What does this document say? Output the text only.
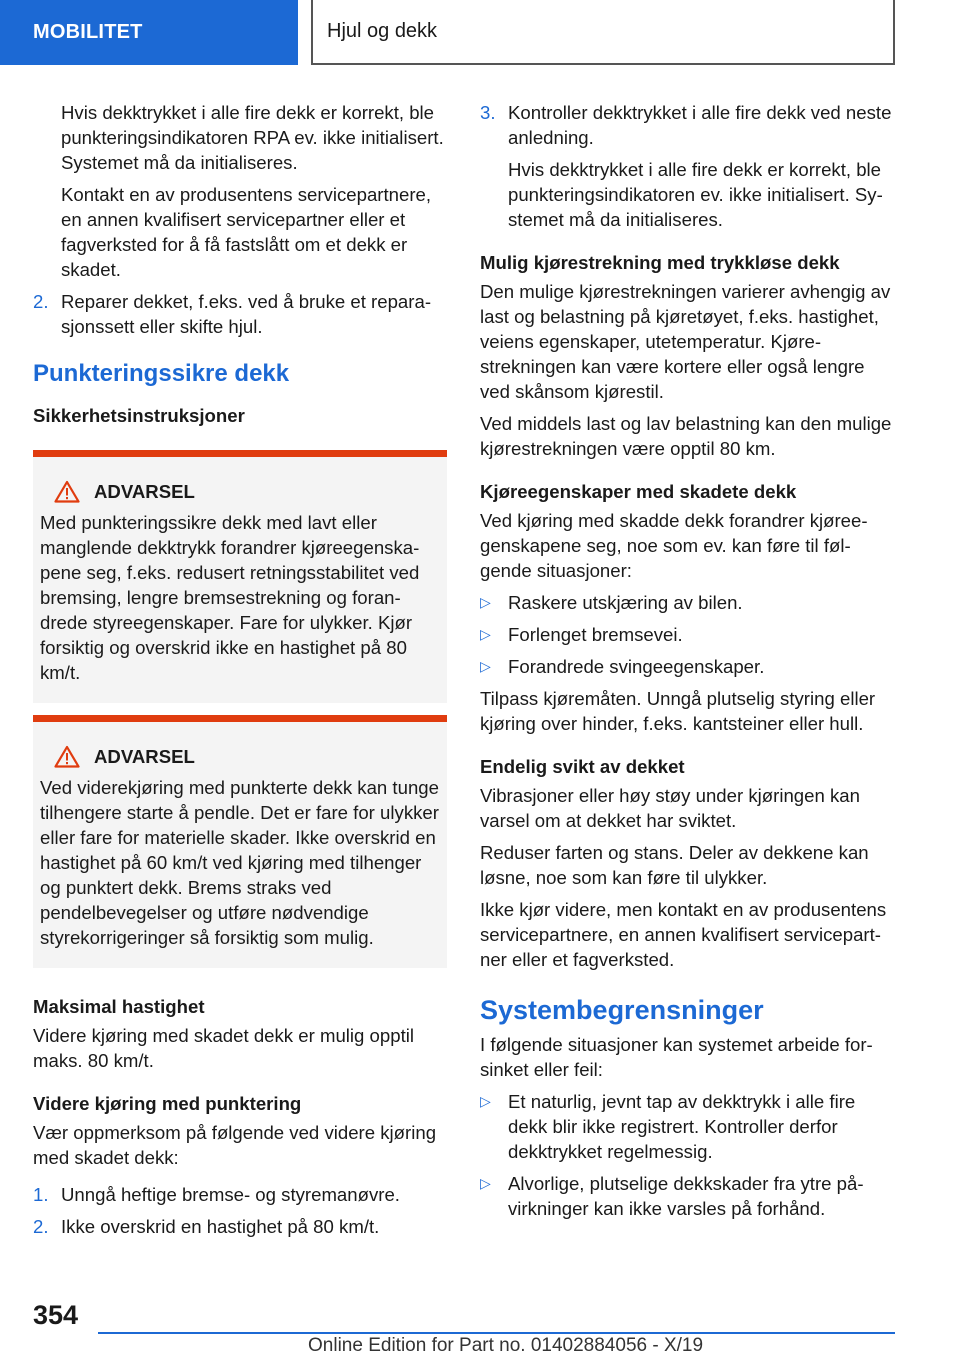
MOBILITET	Hjul og dekk

Hvis dekktrykket i alle fire dekk er korrekt, ble punkteringsindikatoren RPA ev. ikke initialisert. Systemet må da initialiseres.

Kontakt en av produsentens servicepartnere, en annen kvalifisert servicepartner eller et fagverksted for å få fastslått om et dekk er skadet.

2. Reparer dekket, f.eks. ved å bruke et reparasjonssett eller skifte hjul.
Punkteringssikre dekk
Sikkerhetsinstruksjoner
ADVARSEL
Med punkteringssikre dekk med lavt eller manglende dekktrykk forandrer kjøreegenskapene seg, f.eks. redusert retningsstabilitet ved bremsing, lengre bremsestrekning og forandrede styreegenskaper. Fare for ulykker. Kjør forsiktig og overskrid ikke en hastighet på 80 km/t.
ADVARSEL
Ved viderekjøring med punkterte dekk kan tunge tilhengere starte å pendle. Det er fare for ulykker eller fare for materielle skader. Ikke overskrid en hastighet på 60 km/t ved kjøring med tilhenger og punktert dekk. Brems straks ved pendelbevegelser og utføre nødvendige styrekorrigeringer så forsiktig som mulig.
Maksimal hastighet

Videre kjøring med skadet dekk er mulig opptil maks. 80 km/t.

Videre kjøring med punktering

Vær oppmerksom på følgende ved videre kjøring med skadet dekk:

1. Unngå heftige bremse- og styremanøvre.
2. Ikke overskrid en hastighet på 80 km/t.
3. Kontroller dekktrykket i alle fire dekk ved neste anledning.

Hvis dekktrykket i alle fire dekk er korrekt, ble punkteringsindikatoren ev. ikke initialisert. Systemet må da initialiseres.

Mulig kjørestrekning med trykkløse dekk

Den mulige kjørestrekningen varierer avhengig av last og belastning på kjøretøyet, f.eks. hastighet, veiens egenskaper, utetemperatur. Kjørestrekningen kan være kortere eller også lengre ved skånsom kjørestil.

Ved middels last og lav belastning kan den mulige kjørestrekningen være opptil 80 km.

Kjøreegenskaper med skadete dekk

Ved kjøring med skadde dekk forandrer kjøreegenskapene seg, noe som ev. kan føre til følgende situasjoner:

▷ Raskere utskjæring av bilen.
▷ Forlenget bremsevei.
▷ Forandrede svingeegenskaper.

Tilpass kjøremåten. Unngå plutselig styring eller kjøring over hinder, f.eks. kantsteiner eller hull.

Endelig svikt av dekket

Vibrasjoner eller høy støy under kjøringen kan varsel om at dekket har sviktet.

Reduser farten og stans. Deler av dekkene kan løsne, noe som kan føre til ulykker.

Ikke kjør videre, men kontakt en av produsentens servicepartnere, en annen kvalifisert servicepartner eller et fagverksted.

Systembegrensninger

I følgende situasjoner kan systemet arbeide forsinket eller feil:

▷ Et naturlig, jevnt tap av dekktrykk i alle fire dekk blir ikke registrert. Kontroller derfor dekktrykket regelmessig.
▷ Alvorlige, plutselige dekkskader fra ytre påvirkninger kan ikke varsles på forhånd.
354
Online Edition for Part no. 01402884056 - X/19
